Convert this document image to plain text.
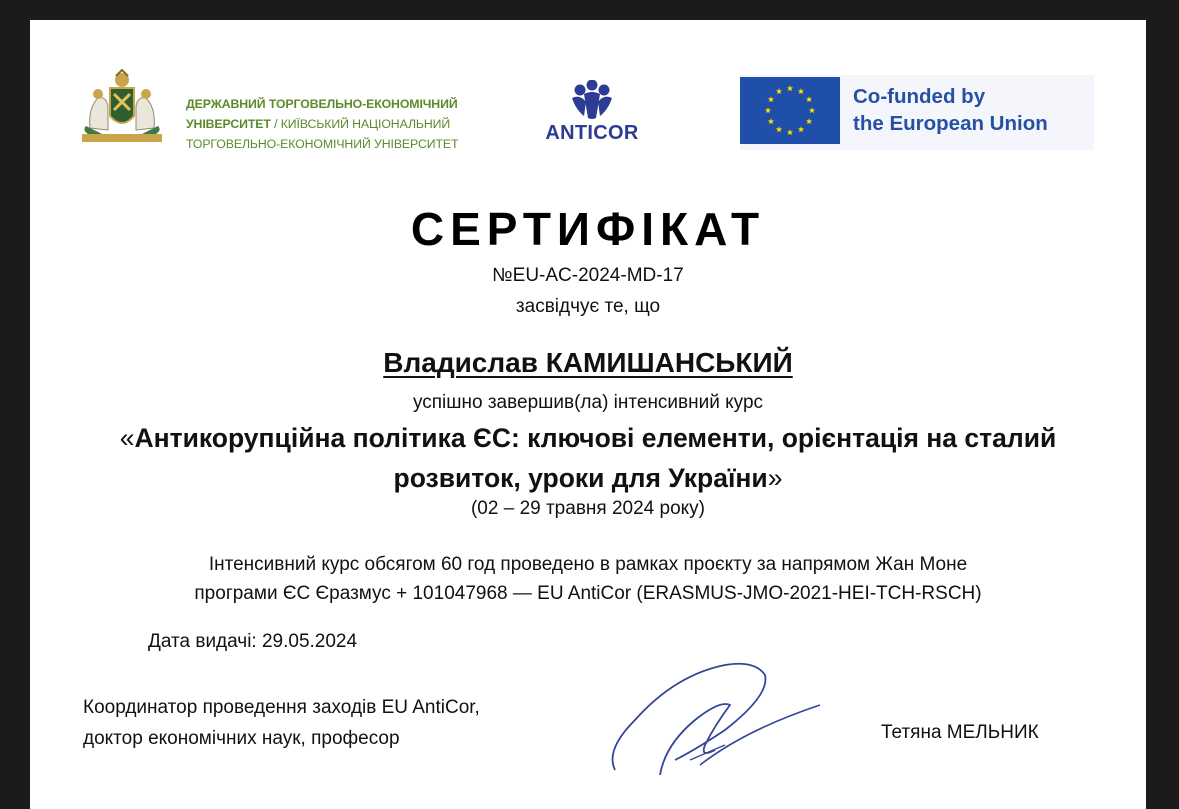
ДЕРЖАВНИЙ ТОРГОВЕЛЬНО-ЕКОНОМІЧНИЙ
УНІВЕРСИТЕТ / КИЇВСЬКИЙ НАЦІОНАЛЬНИЙ
ТОРГОВЕЛЬНО-ЕКОНОМІЧНИЙ УНІВЕРСИТЕТ	ANTICOR
Co-funded by
the European Union
СЕРТИФІКАТ
№EU-AC-2024-MD-17
засвідчує те, що
Владислав КАМИШАНСЬКИЙ
успішно завершив(ла) інтенсивний курс
«Антикорупційна політика ЄС: ключові елементи, орієнтація на сталий
розвиток, уроки для України»
(02 – 29 травня 2024 року)
Інтенсивний курс обсягом 60 год проведено в рамках проєкту за напрямом Жан Моне
програми ЄС Єразмус + 101047968 — EU AntiCor (ERASMUS-JMO-2021-HEI-TCH-RSCH)
Дата видачі: 29.05.2024
Координатор проведення заходів EU AntiCor,
доктор економічних наук, професор	Тетяна МЕЛЬНИК
